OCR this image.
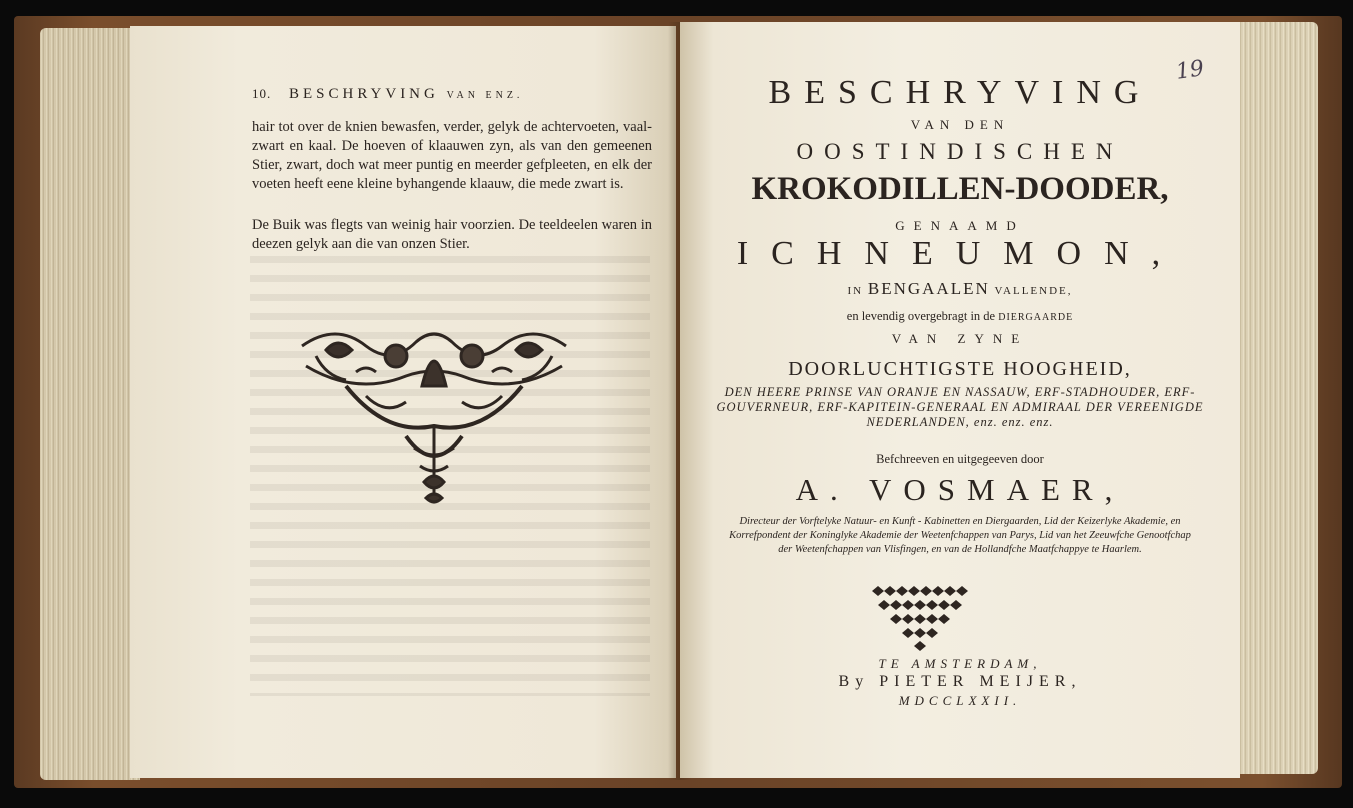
10. BESCHRYVING VAN ENZ.
hair tot over de knien bewasfen, verder, gelyk de achtervoeten, vaal-zwart en kaal. De hoeven of klaauwen zyn, als van den gemeenen Stier, zwart, doch wat meer puntig en meerder gefpleeten, en elk der voeten heeft eene kleine byhangende klaauw, die mede zwart is.
De Buik was flegts van weinig hair voorzien. De teeldeelen waren in deezen gelyk aan die van onzen Stier.
BESCHRYVING
VAN DEN
OOSTINDISCHEN
KROKODILLEN-DOODER,
GENAAMD
ICHNEUMON,
IN BENGAALEN VALLENDE,
en levendig overgebragt in de DIERGAARDE
VAN ZYNE
DOORLUCHTIGSTE HOOGHEID,
DEN HEERE PRINSE VAN ORANJE EN NASSAUW, ERF-STADHOUDER, ERF-GOUVERNEUR, ERF-KAPITEIN-GENERAAL EN ADMIRAAL DER VEREENIGDE NEDERLANDEN, enz. enz. enz.
Befchreeven en uitgegeeven door
A. VOSMAER,
Directeur der Vorftelyke Natuur- en Kunft - Kabinetten en Diergaarden, Lid der Keizerlyke Akademie, en Korrefpondent der Koninglyke Akademie der Weetenfchappen van Parys, Lid van het Zeeuwfche Genootfchap der Weetenfchappen van Vlisfingen, en van de Hollandfche Maatfchappye te Haarlem.
TE AMSTERDAM,
By PIETER MEIJER,
MDCCLXXII.
19
